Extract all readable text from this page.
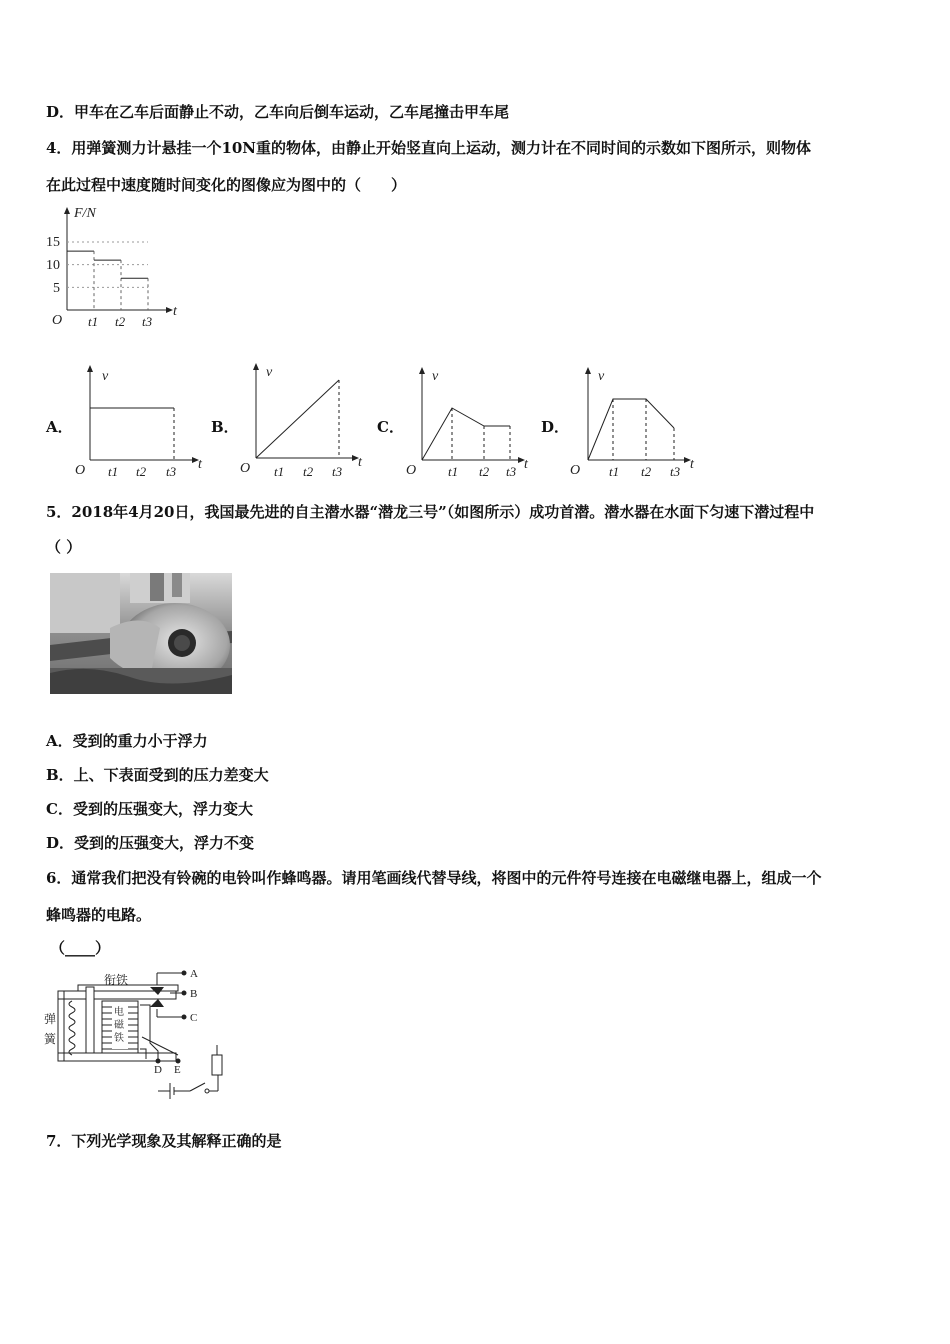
D．甲车在乙车后面静止不动，乙车向后倒车运动，乙车尾撞击甲车尾
4．用弹簧测力计悬挂一个10N重的物体，由静止开始竖直向上运动，测力计在不同时间的示数如下图所示，则物体
在此过程中速度随时间变化的图像应为图中的（　　）
F/N
t
O
15
10
5
t1 t2 t3
A．	B．	C．	D．
v
t
O t1 t2 t3
v
t
O t1 t2 t3
v
t
O t1 t2 t3
v
t
O t1 t2 t3
5．2018年4月20日，我国最先进的自主潜水器“潜龙三号”（如图所示）成功首潜。潜水器在水面下匀速下潜过程中
（ ）
A．受到的重力小于浮力
B．上、下表面受到的压力差变大
C．受到的压强变大，浮力变大
D．受到的压强变大，浮力不变
6．通常我们把没有铃碗的电铃叫作蜂鸣器。请用笔画线代替导线，将图中的元件符号连接在电磁继电器上，组成一个
蜂鸣器的电路。
（____）
弹
簧
衔铁
电
磁
铁
A
B
C
D E
7．下列光学现象及其解释正确的是
